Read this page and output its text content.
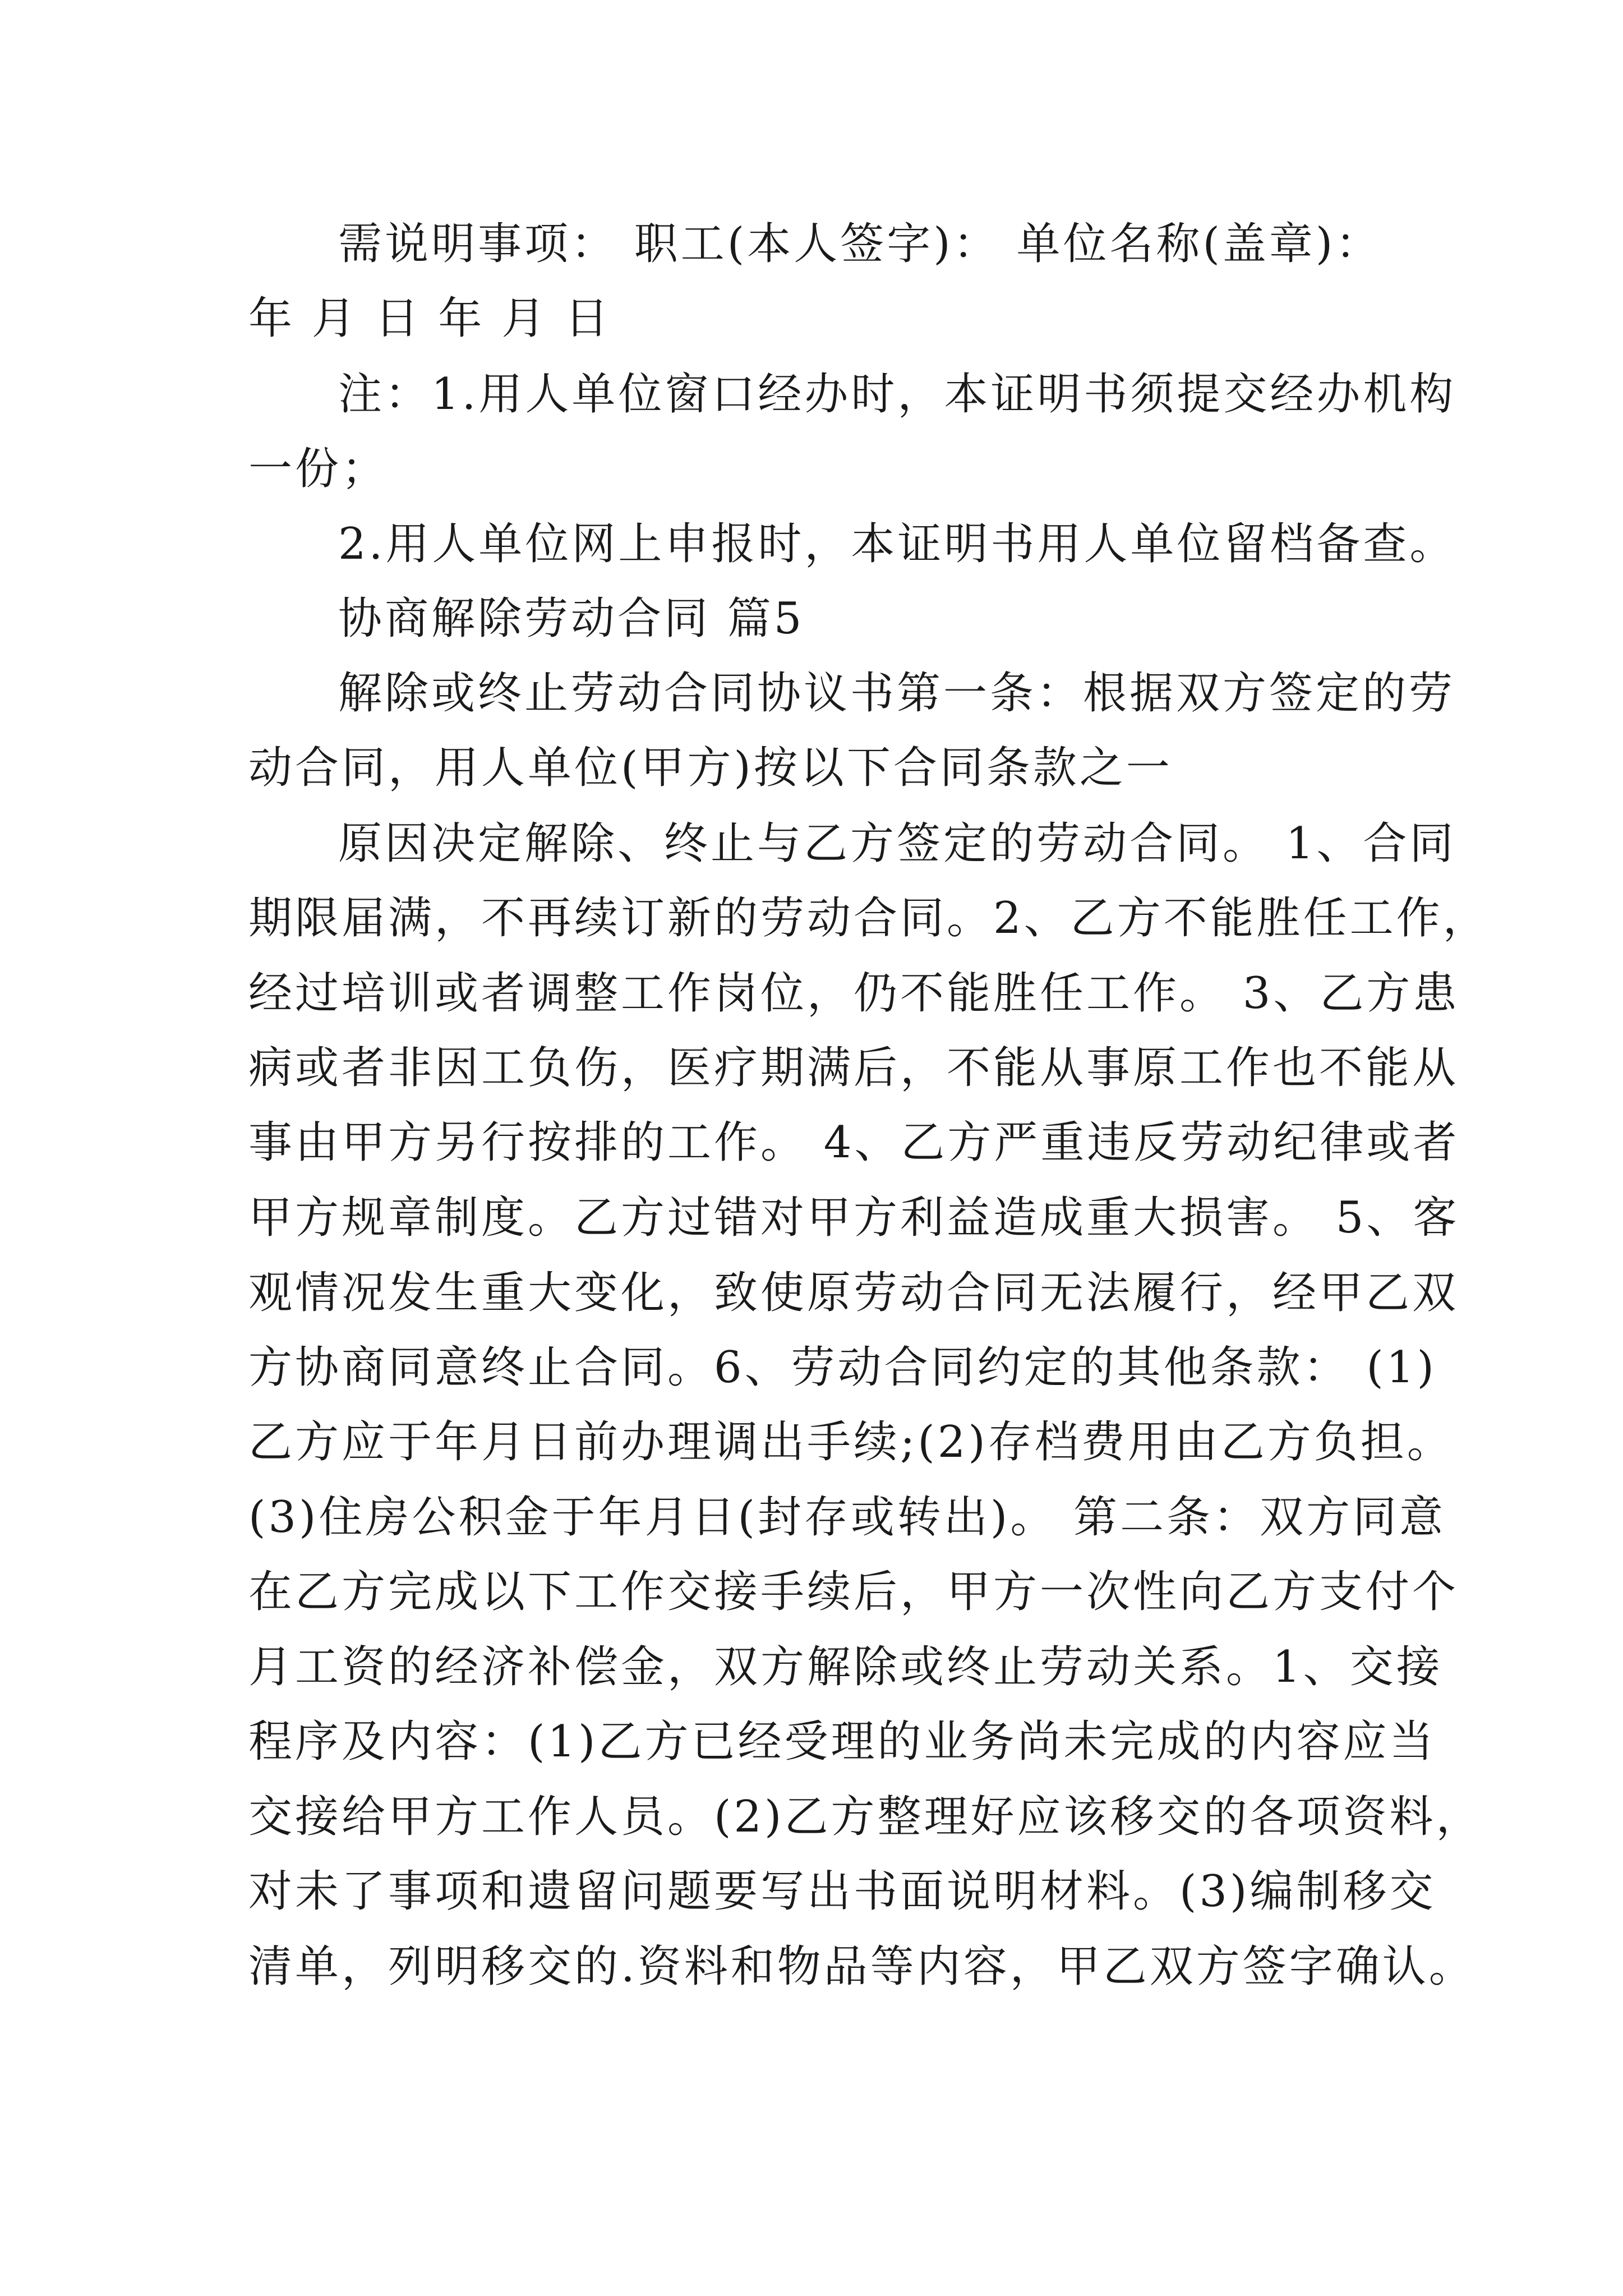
需说明事项： 职工(本人签字)： 单位名称(盖章)：

年 月 日 年 月 日

注：1.用人单位窗口经办时，本证明书须提交经办机构

一份；

2.用人单位网上申报时，本证明书用人单位留档备查。

协商解除劳动合同 篇5

解除或终止劳动合同协议书第一条：根据双方签定的劳

动合同，用人单位(甲方)按以下合同条款之一

原因决定解除、终止与乙方签定的劳动合同。 1、合同

期限届满，不再续订新的劳动合同。2、乙方不能胜任工作，

经过培训或者调整工作岗位，仍不能胜任工作。 3、乙方患

病或者非因工负伤，医疗期满后，不能从事原工作也不能从

事由甲方另行按排的工作。 4、乙方严重违反劳动纪律或者

甲方规章制度。乙方过错对甲方利益造成重大损害。 5、客

观情况发生重大变化，致使原劳动合同无法履行，经甲乙双

方协商同意终止合同。6、劳动合同约定的其他条款： (1)

乙方应于年月日前办理调出手续;(2)存档费用由乙方负担。

(3)住房公积金于年月日(封存或转出)。 第二条：双方同意

在乙方完成以下工作交接手续后，甲方一次性向乙方支付个

月工资的经济补偿金，双方解除或终止劳动关系。1、交接

程序及内容：(1)乙方已经受理的业务尚未完成的内容应当

交接给甲方工作人员。(2)乙方整理好应该移交的各项资料，

对未了事项和遗留问题要写出书面说明材料。(3)编制移交

清单，列明移交的.资料和物品等内容，甲乙双方签字确认。
